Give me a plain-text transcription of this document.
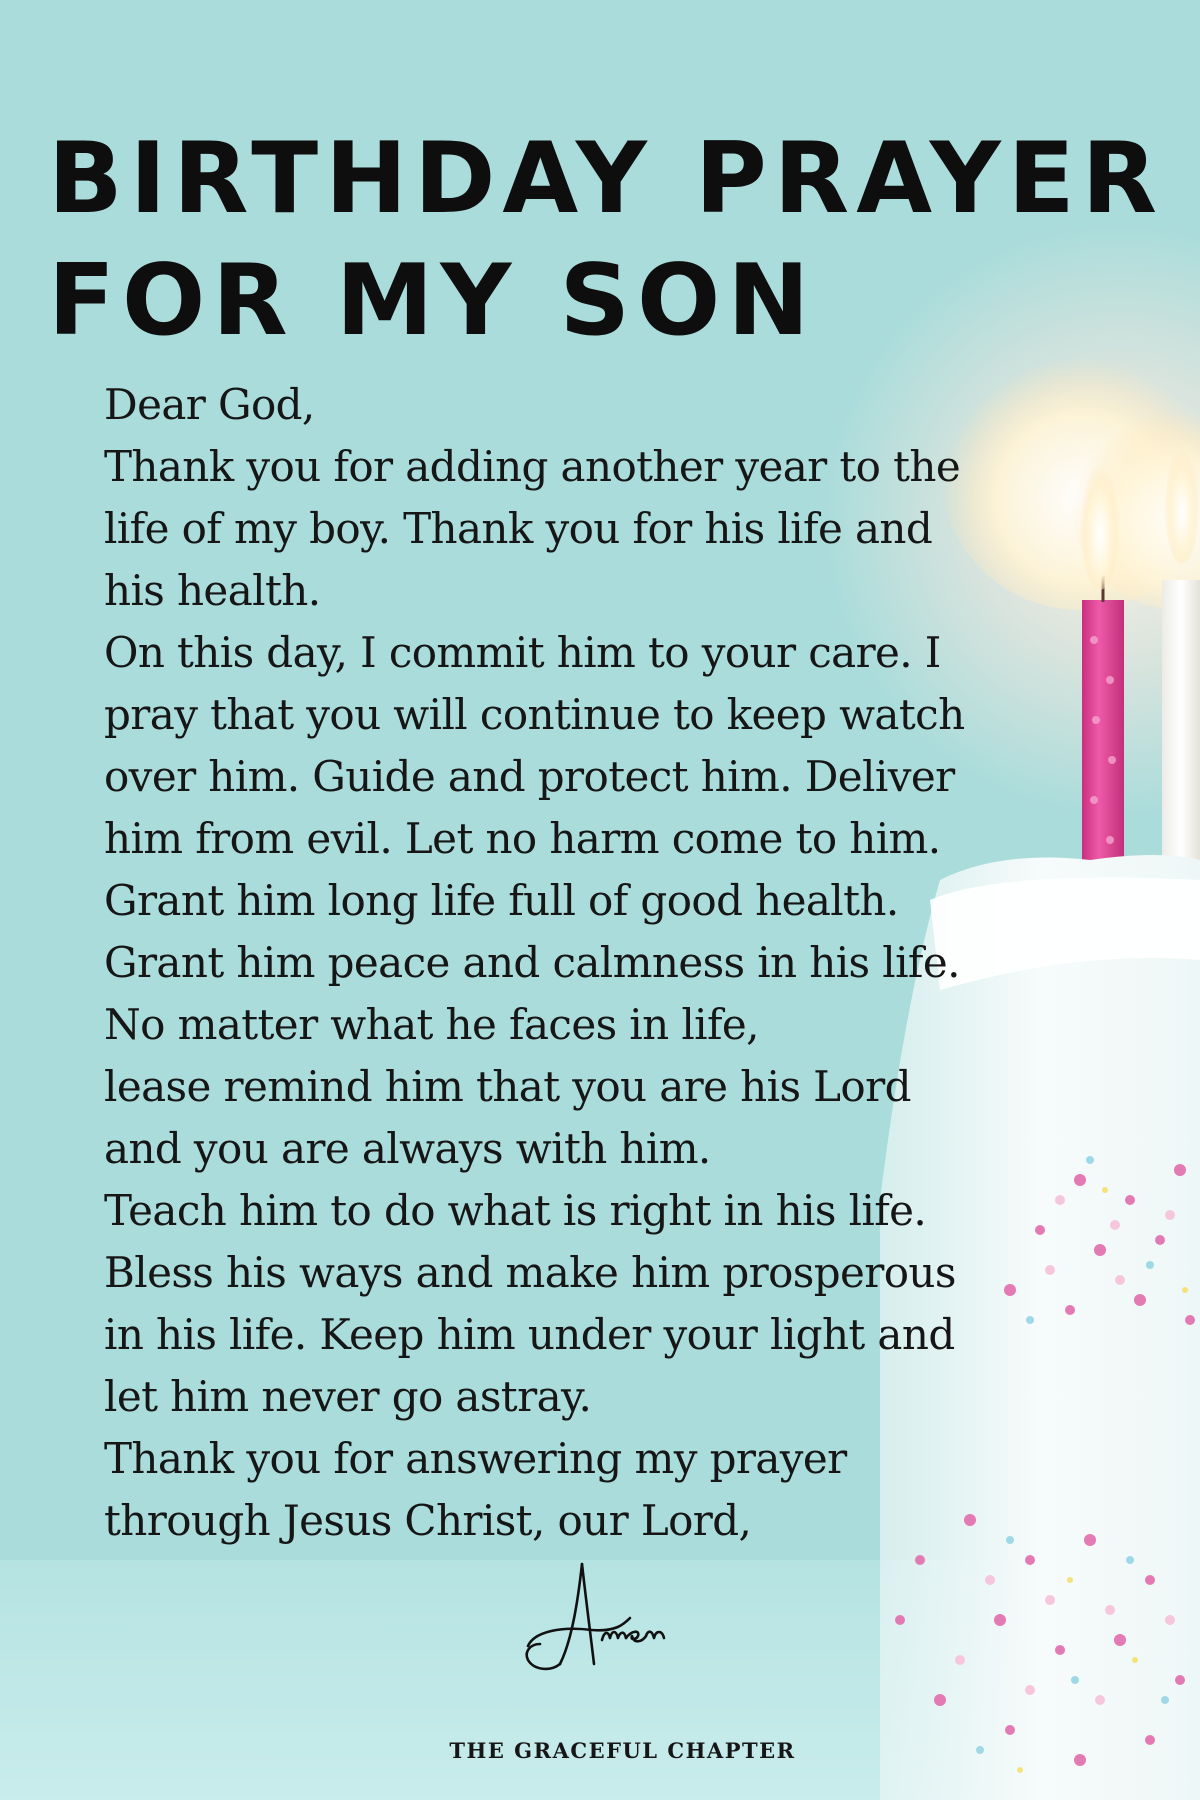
BIRTHDAY PRAYER
FOR MY SON
Dear God,
Thank you for adding another year to the
life of my boy. Thank you for his life and
his health.
On this day, I commit him to your care. I
pray that you will continue to keep watch
over him. Guide and protect him. Deliver
him from evil. Let no harm come to him.
Grant him long life full of good health.
Grant him peace and calmness in his life.
No matter what he faces in life,
lease remind him that you are his Lord
and you are always with him.
Teach him to do what is right in his life.
Bless his ways and make him prosperous
in his life. Keep him under your light and
let him never go astray.
Thank you for answering my prayer
through Jesus Christ, our Lord,
THE GRACEFUL CHAPTER
